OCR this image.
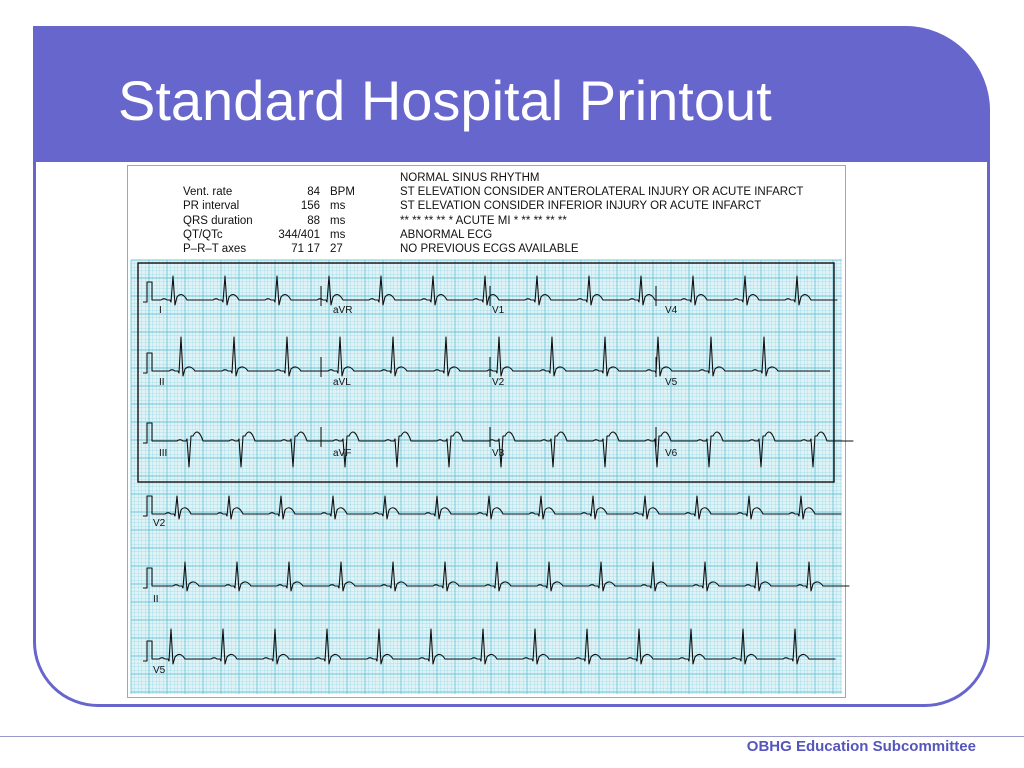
Standard Hospital Printout
Vent. rate	84 BPM
PR interval	156 ms
QRS duration	88 ms
QT/QTc	344/401 ms
P–R–T axes	71 17 27
NORMAL SINUS RHYTHM
ST ELEVATION CONSIDER ANTEROLATERAL INJURY OR ACUTE INFARCT
ST ELEVATION CONSIDER INFERIOR INJURY OR ACUTE INFARCT
** ** ** ** * ACUTE MI * ** ** ** **
ABNORMAL ECG
NO PREVIOUS ECGS AVAILABLE
I	aVR	V1	V4
II	aVL	V2	V5
III	aVF	V3	V6
V2
II
V5
OBHG Education Subcommittee
